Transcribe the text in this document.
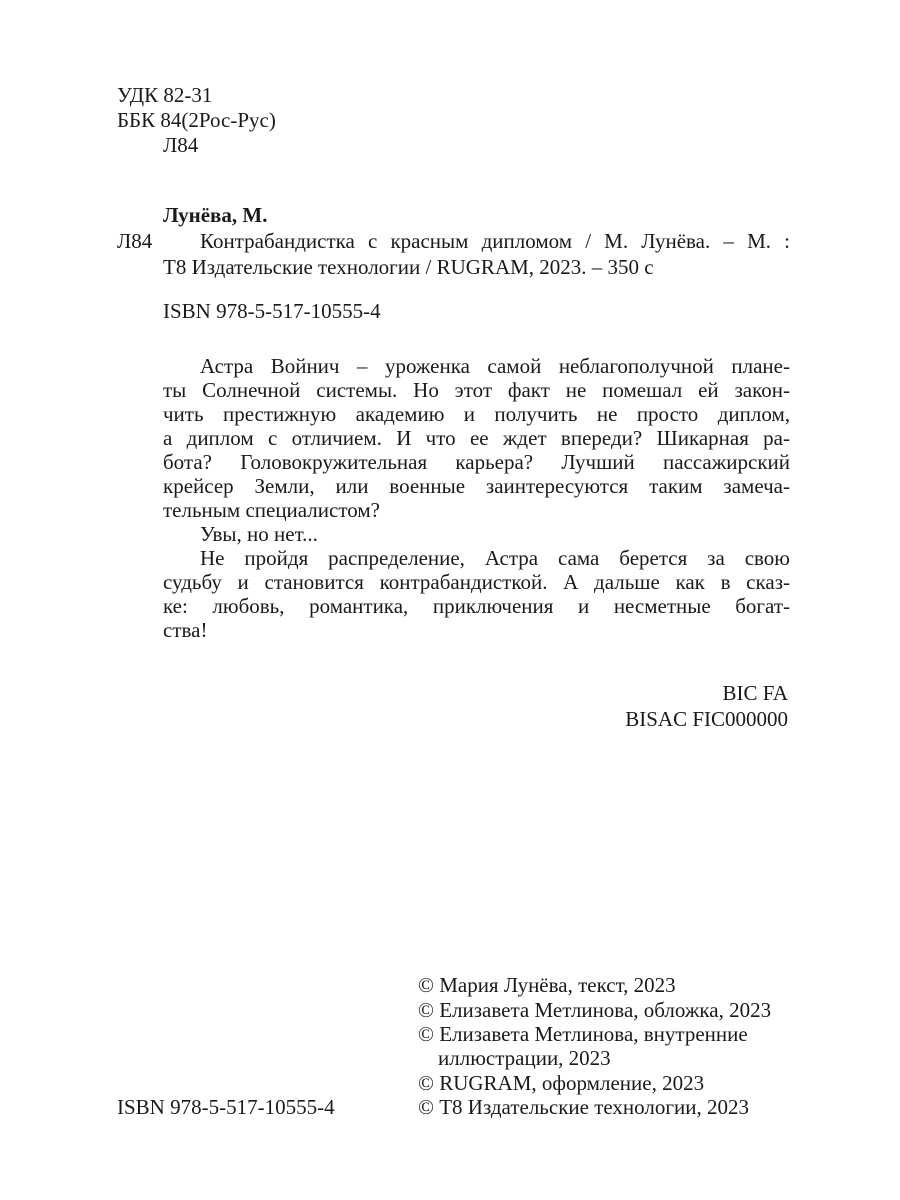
УДК 82-31
ББК 84(2Рос-Рус)
Л84
Лунёва, М.
Л84 Контрабандистка с красным дипломом / М. Лунёва. – М. :
Т8 Издательские технологии / RUGRAM, 2023. – 350 с
ISBN 978-5-517-10555-4
Астра Войнич – уроженка самой неблагополучной плане-
ты Солнечной системы. Но этот факт не помешал ей закон-
чить престижную академию и получить не просто диплом,
а диплом с отличием. И что ее ждет впереди? Шикарная ра-
бота? Головокружительная карьера? Лучший пассажирский
крейсер Земли, или военные заинтересуются таким замеча-
тельным специалистом?
Увы, но нет...
Не пройдя распределение, Астра сама берется за свою
судьбу и становится контрабандисткой. А дальше как в сказ-
ке: любовь, романтика, приключения и несметные богат-
ства!
BIC FA
BISAC FIC000000
© Мария Лунёва, текст, 2023
© Елизавета Метлинова, обложка, 2023
© Елизавета Метлинова, внутренние
иллюстрации, 2023
© RUGRAM, оформление, 2023
© Т8 Издательские технологии, 2023
ISBN 978-5-517-10555-4
